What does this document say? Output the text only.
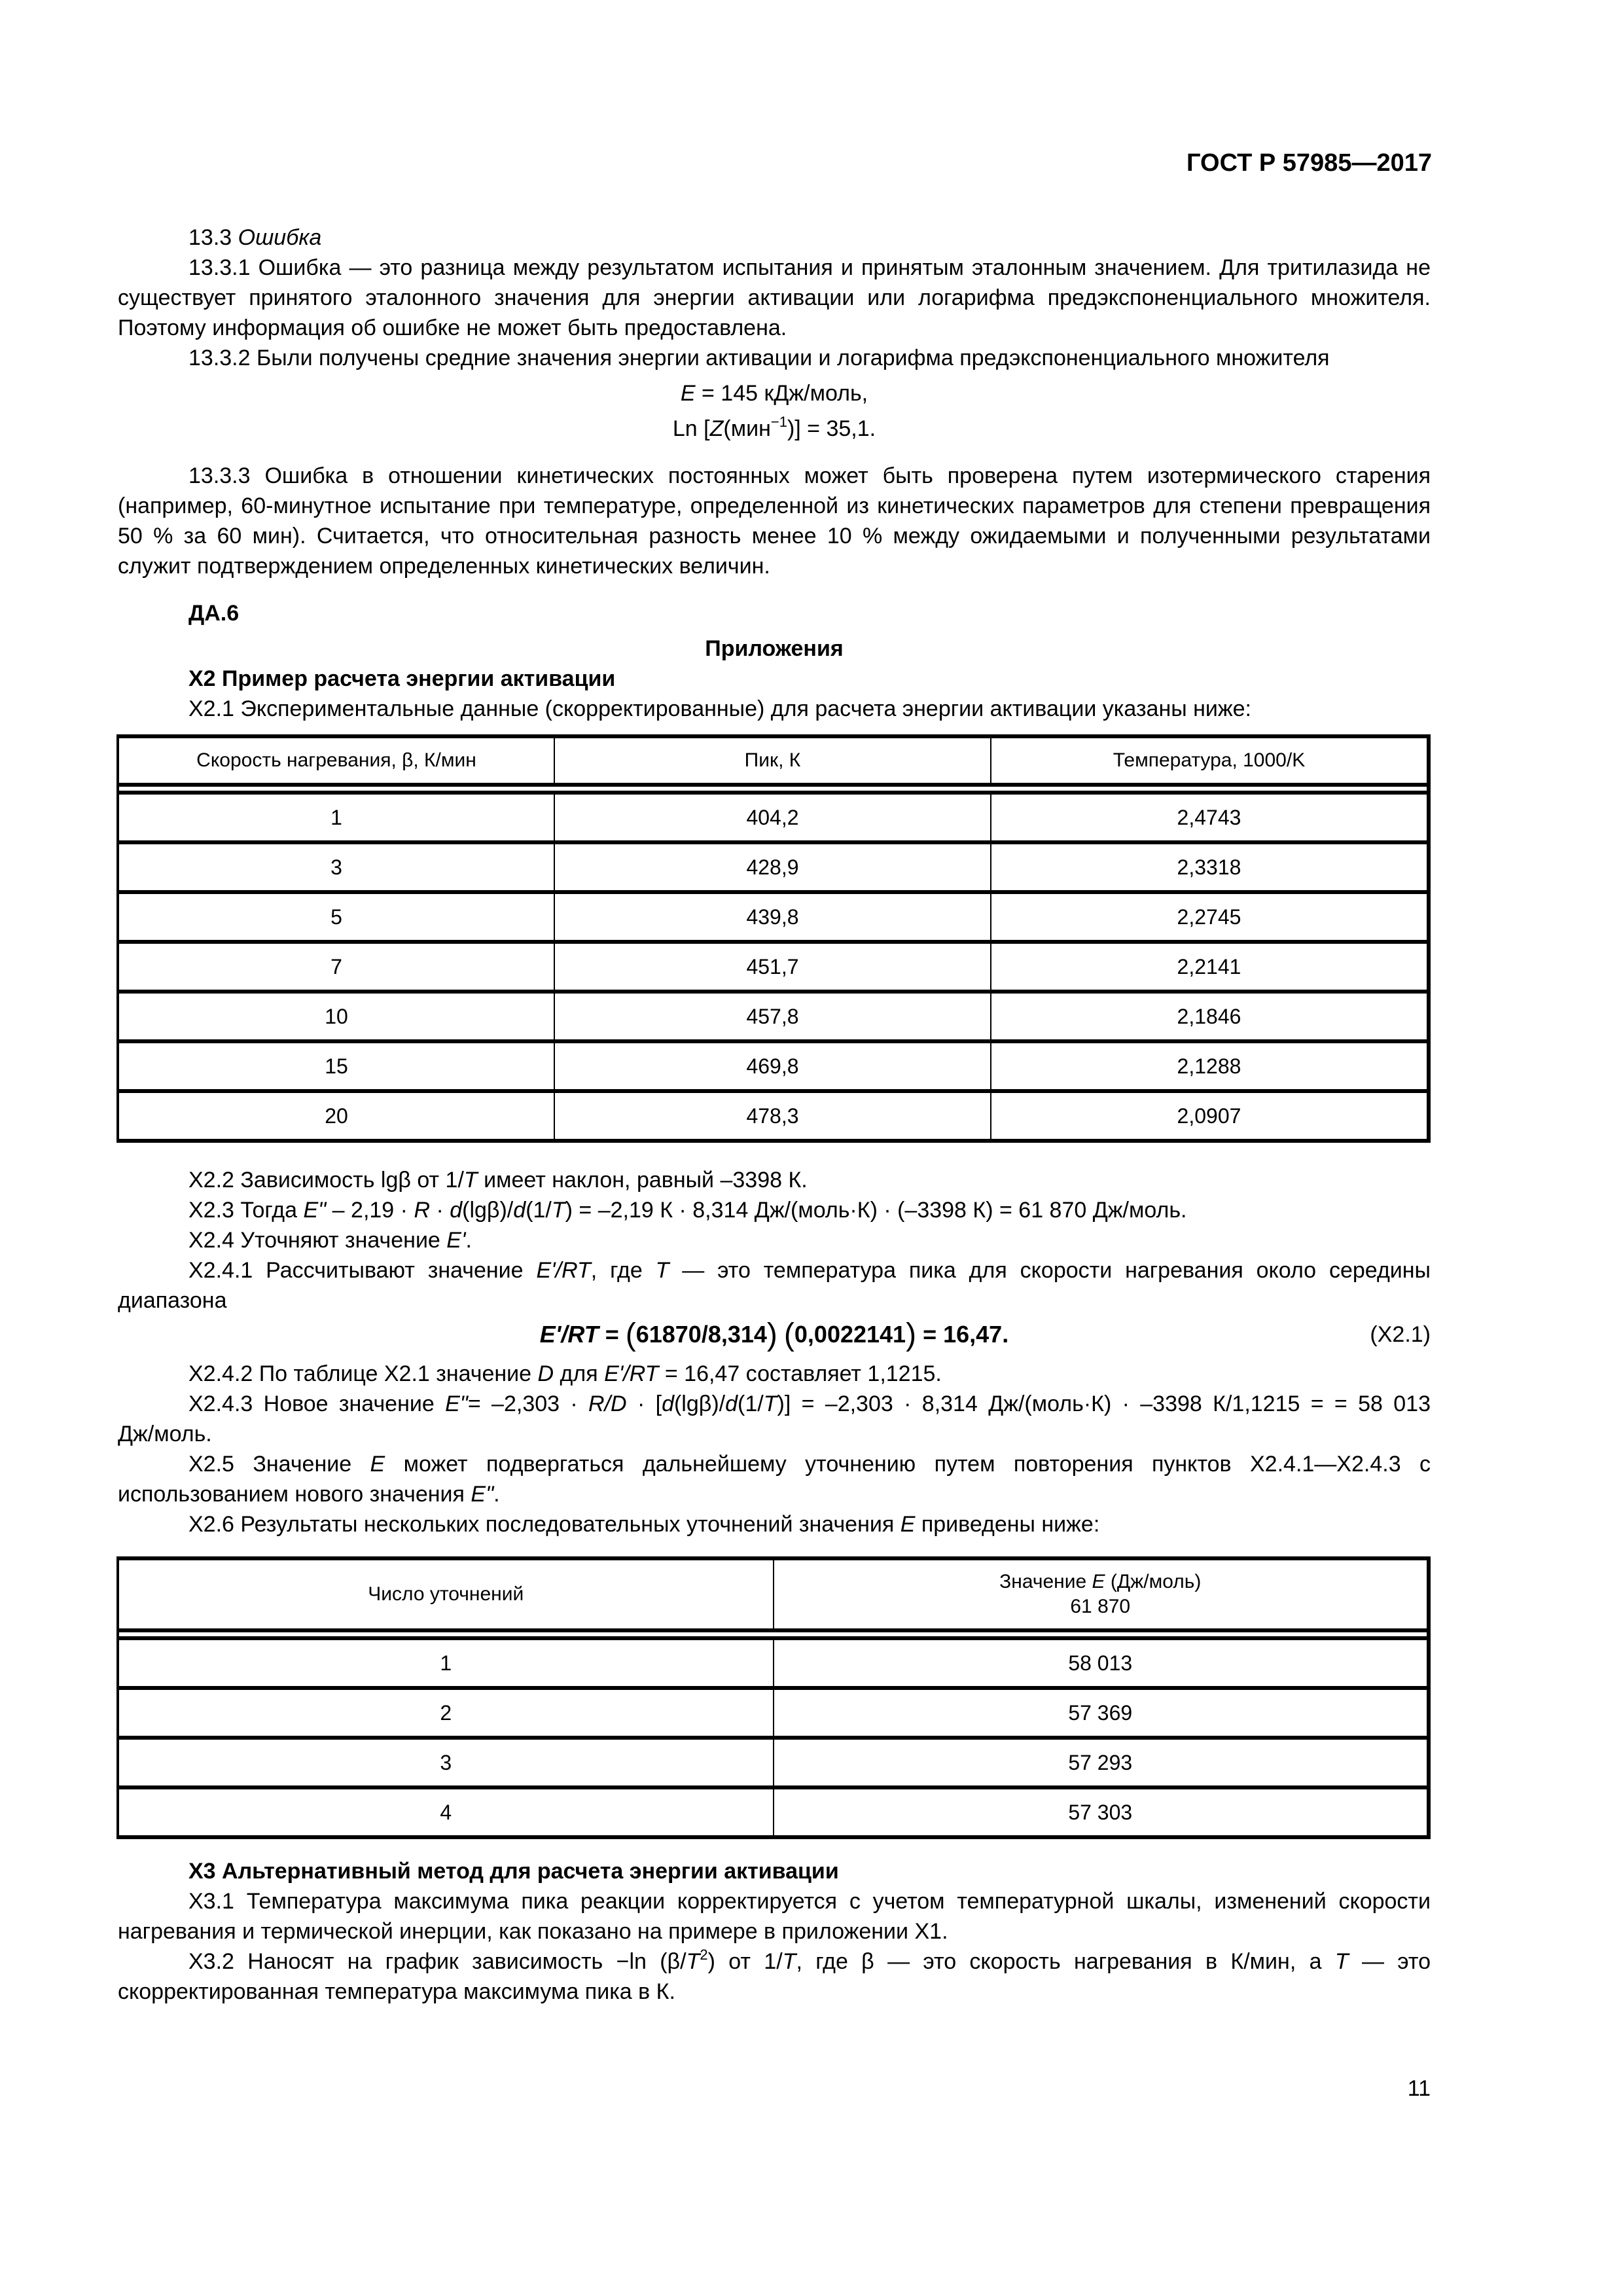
ГОСТ Р 57985—2017

13.3 Ошибка

13.3.1 Ошибка — это разница между результатом испытания и принятым эталонным значением. Для тритилазида не существует принятого эталонного значения для энергии активации или логарифма предэкспоненциального множителя. Поэтому информация об ошибке не может быть предоставлена.

13.3.2 Были получены средние значения энергии активации и логарифма предэкспоненциального множителя

E = 145 кДж/моль,

Ln [Z(мин$^{-1}$)] = 35,1.

13.3.3 Ошибка в отношении кинетических постоянных может быть проверена путем изотермического старения (например, 60-минутное испытание при температуре, определенной из кинетических параметров для степени превращения 50 % за 60 мин). Считается, что относительная разность менее 10 % между ожидаемыми и полученными результатами служит подтверждением определенных кинетических величин.

ДА.6

Приложения

X2 Пример расчета энергии активации

X2.1 Экспериментальные данные (скорректированные) для расчета энергии активации указаны ниже:

Скорость нагревания, β, К/мин	Пик, К	Температура, 1000/K

1	404,2	2,4743
3	428,9	2,3318
5	439,8	2,2745
7	451,7	2,2141
10	457,8	2,1846
15	469,8	2,1288
20	478,3	2,0907

X2.2 Зависимость lgβ от 1/T имеет наклон, равный –3398 К.

X2.3 Тогда E" – 2,19 · R · d(lgβ)/d(1/T) = –2,19 К · 8,314 Дж/(моль·К) · (–3398 К) = 61 870 Дж/моль.

X2.4 Уточняют значение E'.

X2.4.1 Рассчитывают значение E'/RT, где T — это температура пика для скорости нагревания около середины диапазона

E'/RT = (61870/8,314) (0,0022141) = 16,47.	(X2.1)

X2.4.2 По таблице X2.1 значение D для E'/RT = 16,47 составляет 1,1215.

X2.4.3 Новое значение E"= –2,303 · R/D · [d(lgβ)/d(1/T)] = –2,303 · 8,314 Дж/(моль·К) · –3398 К/1,1215 = = 58 013 Дж/моль.

X2.5 Значение E может подвергаться дальнейшему уточнению путем повторения пунктов X2.4.1—X2.4.3 с использованием нового значения E".

X2.6 Результаты нескольких последовательных уточнений значения E приведены ниже:

Число уточнений	Значение E (Дж/моль)
61 870

1	58 013
2	57 369
3	57 293
4	57 303

X3 Альтернативный метод для расчета энергии активации

X3.1 Температура максимума пика реакции корректируется с учетом температурной шкалы, изменений скорости нагревания и термической инерции, как показано на примере в приложении X1.

X3.2 Наносят на график зависимость −ln $(\beta/T^2)$ от 1/T, где β — это скорость нагревания в К/мин, а T — это скорректированная температура максимума пика в К.

11
